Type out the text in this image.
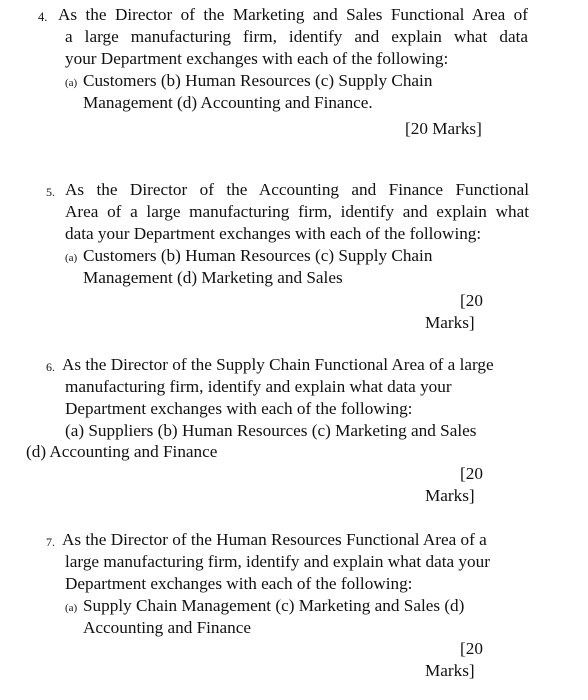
4. As the Director of the Marketing and Sales Functional Area of
a large manufacturing firm, identify and explain what data
your Department exchanges with each of the following:
(a) Customers (b) Human Resources (c) Supply Chain
Management (d) Accounting and Finance.
[20 Marks]
5. As the Director of the Accounting and Finance Functional
Area of a large manufacturing firm, identify and explain what
data your Department exchanges with each of the following:
(a) Customers (b) Human Resources (c) Supply Chain
Management (d) Marketing and Sales
[20
Marks]
6. As the Director of the Supply Chain Functional Area of a large
manufacturing firm, identify and explain what data your
Department exchanges with each of the following:
(a) Suppliers (b) Human Resources (c) Marketing and Sales
(d) Accounting and Finance
[20
Marks]
7. As the Director of the Human Resources Functional Area of a
large manufacturing firm, identify and explain what data your
Department exchanges with each of the following:
(a) Supply Chain Management (c) Marketing and Sales (d)
Accounting and Finance
[20
Marks]
